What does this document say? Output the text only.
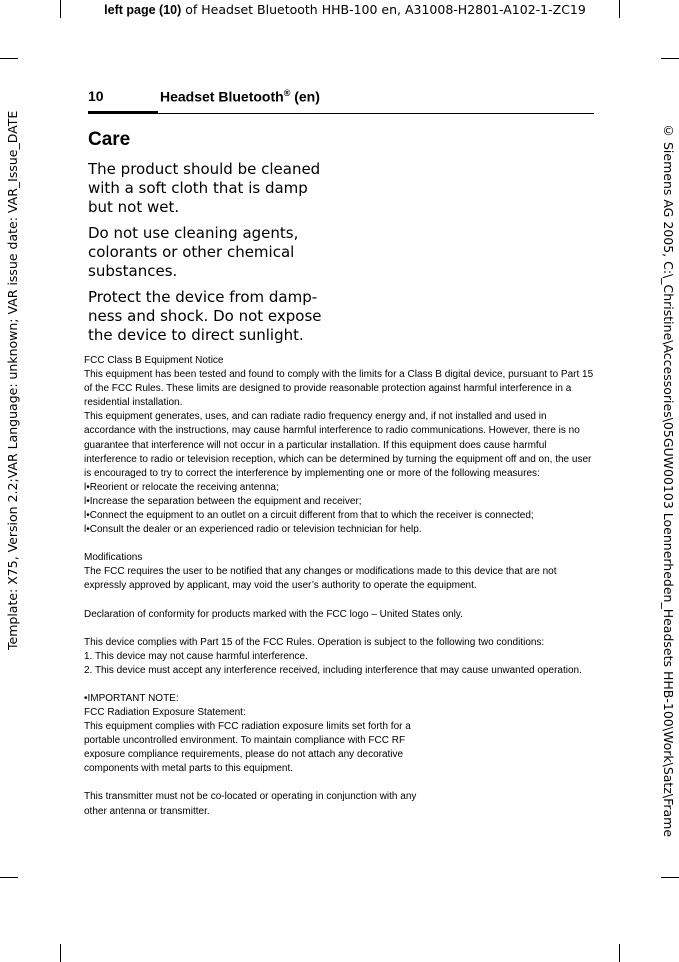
left page (10) of Headset Bluetooth HHB-100 en, A31008-H2801-A102-1-ZC19
Template: X75, Version 2.2;VAR Language: unknown; VAR issue date: VAR_Issue_DATE	© Siemens AG 2005, C:\_Christine\Accessories\05GUW00103 Loennerheden_Headsets HHB-100\Work\Satz\Frame
10	Headset Bluetooth® (en)
Care

The product should be cleaned with a soft cloth that is damp but not wet.

Do not use cleaning agents, colorants or other chemical substances.

Protect the device from damp-ness and shock. Do not expose the device to direct sunlight.

FCC Class B Equipment Notice

This equipment has been tested and found to comply with the limits for a Class B digital device, pursuant to Part 15 of the FCC Rules. These limits are designed to provide reasonable protection against harmful interference in a residential installation.

This equipment generates, uses, and can radiate radio frequency energy and, if not installed and used in accordance with the instructions, may cause harmful interference to radio communications. However, there is no guarantee that interference will not occur in a particular installation. If this equipment does cause harmful interference to radio or television reception, which can be determined by turning the equipment off and on, the user is encouraged to try to correct the interference by implementing one or more of the following measures:

l•Reorient or relocate the receiving antenna;

l•Increase the separation between the equipment and receiver;

l•Connect the equipment to an outlet on a circuit different from that to which the receiver is connected;

l•Consult the dealer or an experienced radio or television technician for help.

Modifications

The FCC requires the user to be notified that any changes or modifications made to this device that are not expressly approved by applicant, may void the user’s authority to operate the equipment.

Declaration of conformity for products marked with the FCC logo – United States only.

This device complies with Part 15 of the FCC Rules. Operation is subject to the following two conditions:

1. This device may not cause harmful interference.

2. This device must accept any interference received, including interference that may cause unwanted operation.

•IMPORTANT NOTE:

FCC Radiation Exposure Statement:

This equipment complies with FCC radiation exposure limits set forth for a portable uncontrolled environment. To maintain compliance with FCC RF exposure compliance requirements, please do not attach any decorative components with metal parts to this equipment.

This transmitter must not be co-located or operating in conjunction with any other antenna or transmitter.
